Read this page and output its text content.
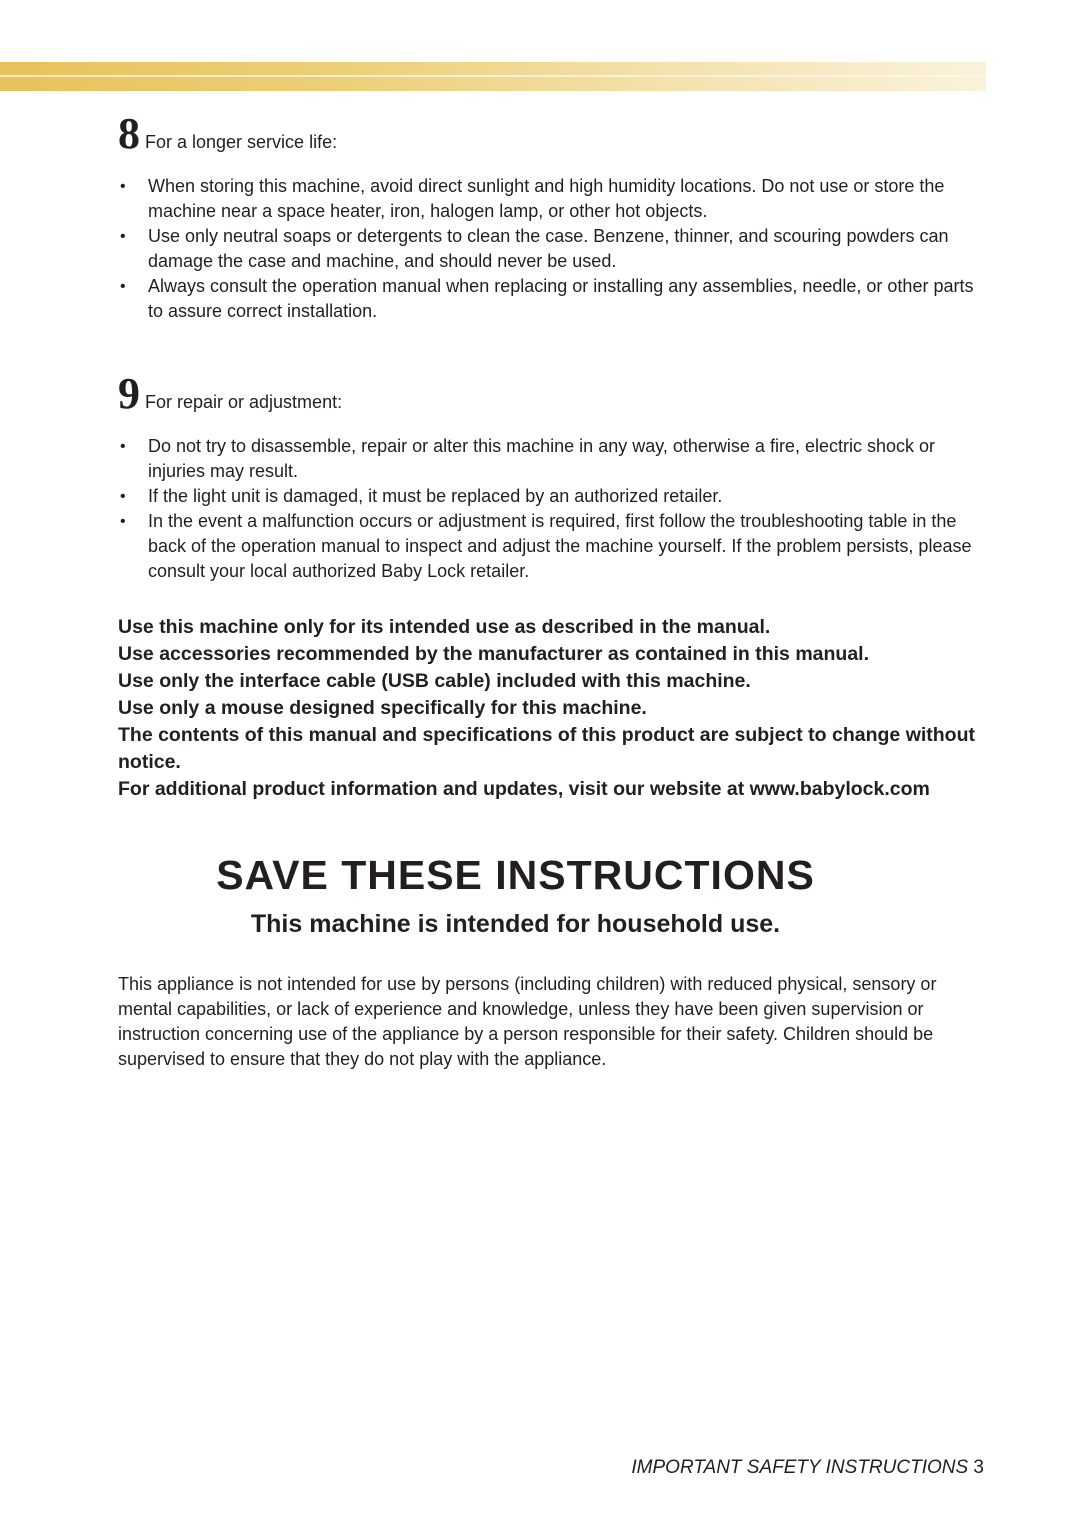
8 For a longer service life:
• When storing this machine, avoid direct sunlight and high humidity locations. Do not use or store the machine near a space heater, iron, halogen lamp, or other hot objects.
• Use only neutral soaps or detergents to clean the case. Benzene, thinner, and scouring powders can damage the case and machine, and should never be used.
• Always consult the operation manual when replacing or installing any assemblies, needle, or other parts to assure correct installation.
9 For repair or adjustment:
• Do not try to disassemble, repair or alter this machine in any way, otherwise a fire, electric shock or injuries may result.
• If the light unit is damaged, it must be replaced by an authorized retailer.
• In the event a malfunction occurs or adjustment is required, first follow the troubleshooting table in the back of the operation manual to inspect and adjust the machine yourself. If the problem persists, please consult your local authorized Baby Lock retailer.

Use this machine only for its intended use as described in the manual.

Use accessories recommended by the manufacturer as contained in this manual.

Use only the interface cable (USB cable) included with this machine.

Use only a mouse designed specifically for this machine.

The contents of this manual and specifications of this product are subject to change without notice.

For additional product information and updates, visit our website at www.babylock.com

SAVE THESE INSTRUCTIONS
This machine is intended for household use.

This appliance is not intended for use by persons (including children) with reduced physical, sensory or mental capabilities, or lack of experience and knowledge, unless they have been given supervision or instruction concerning use of the appliance by a person responsible for their safety. Children should be supervised to ensure that they do not play with the appliance.

IMPORTANT SAFETY INSTRUCTIONS 3
